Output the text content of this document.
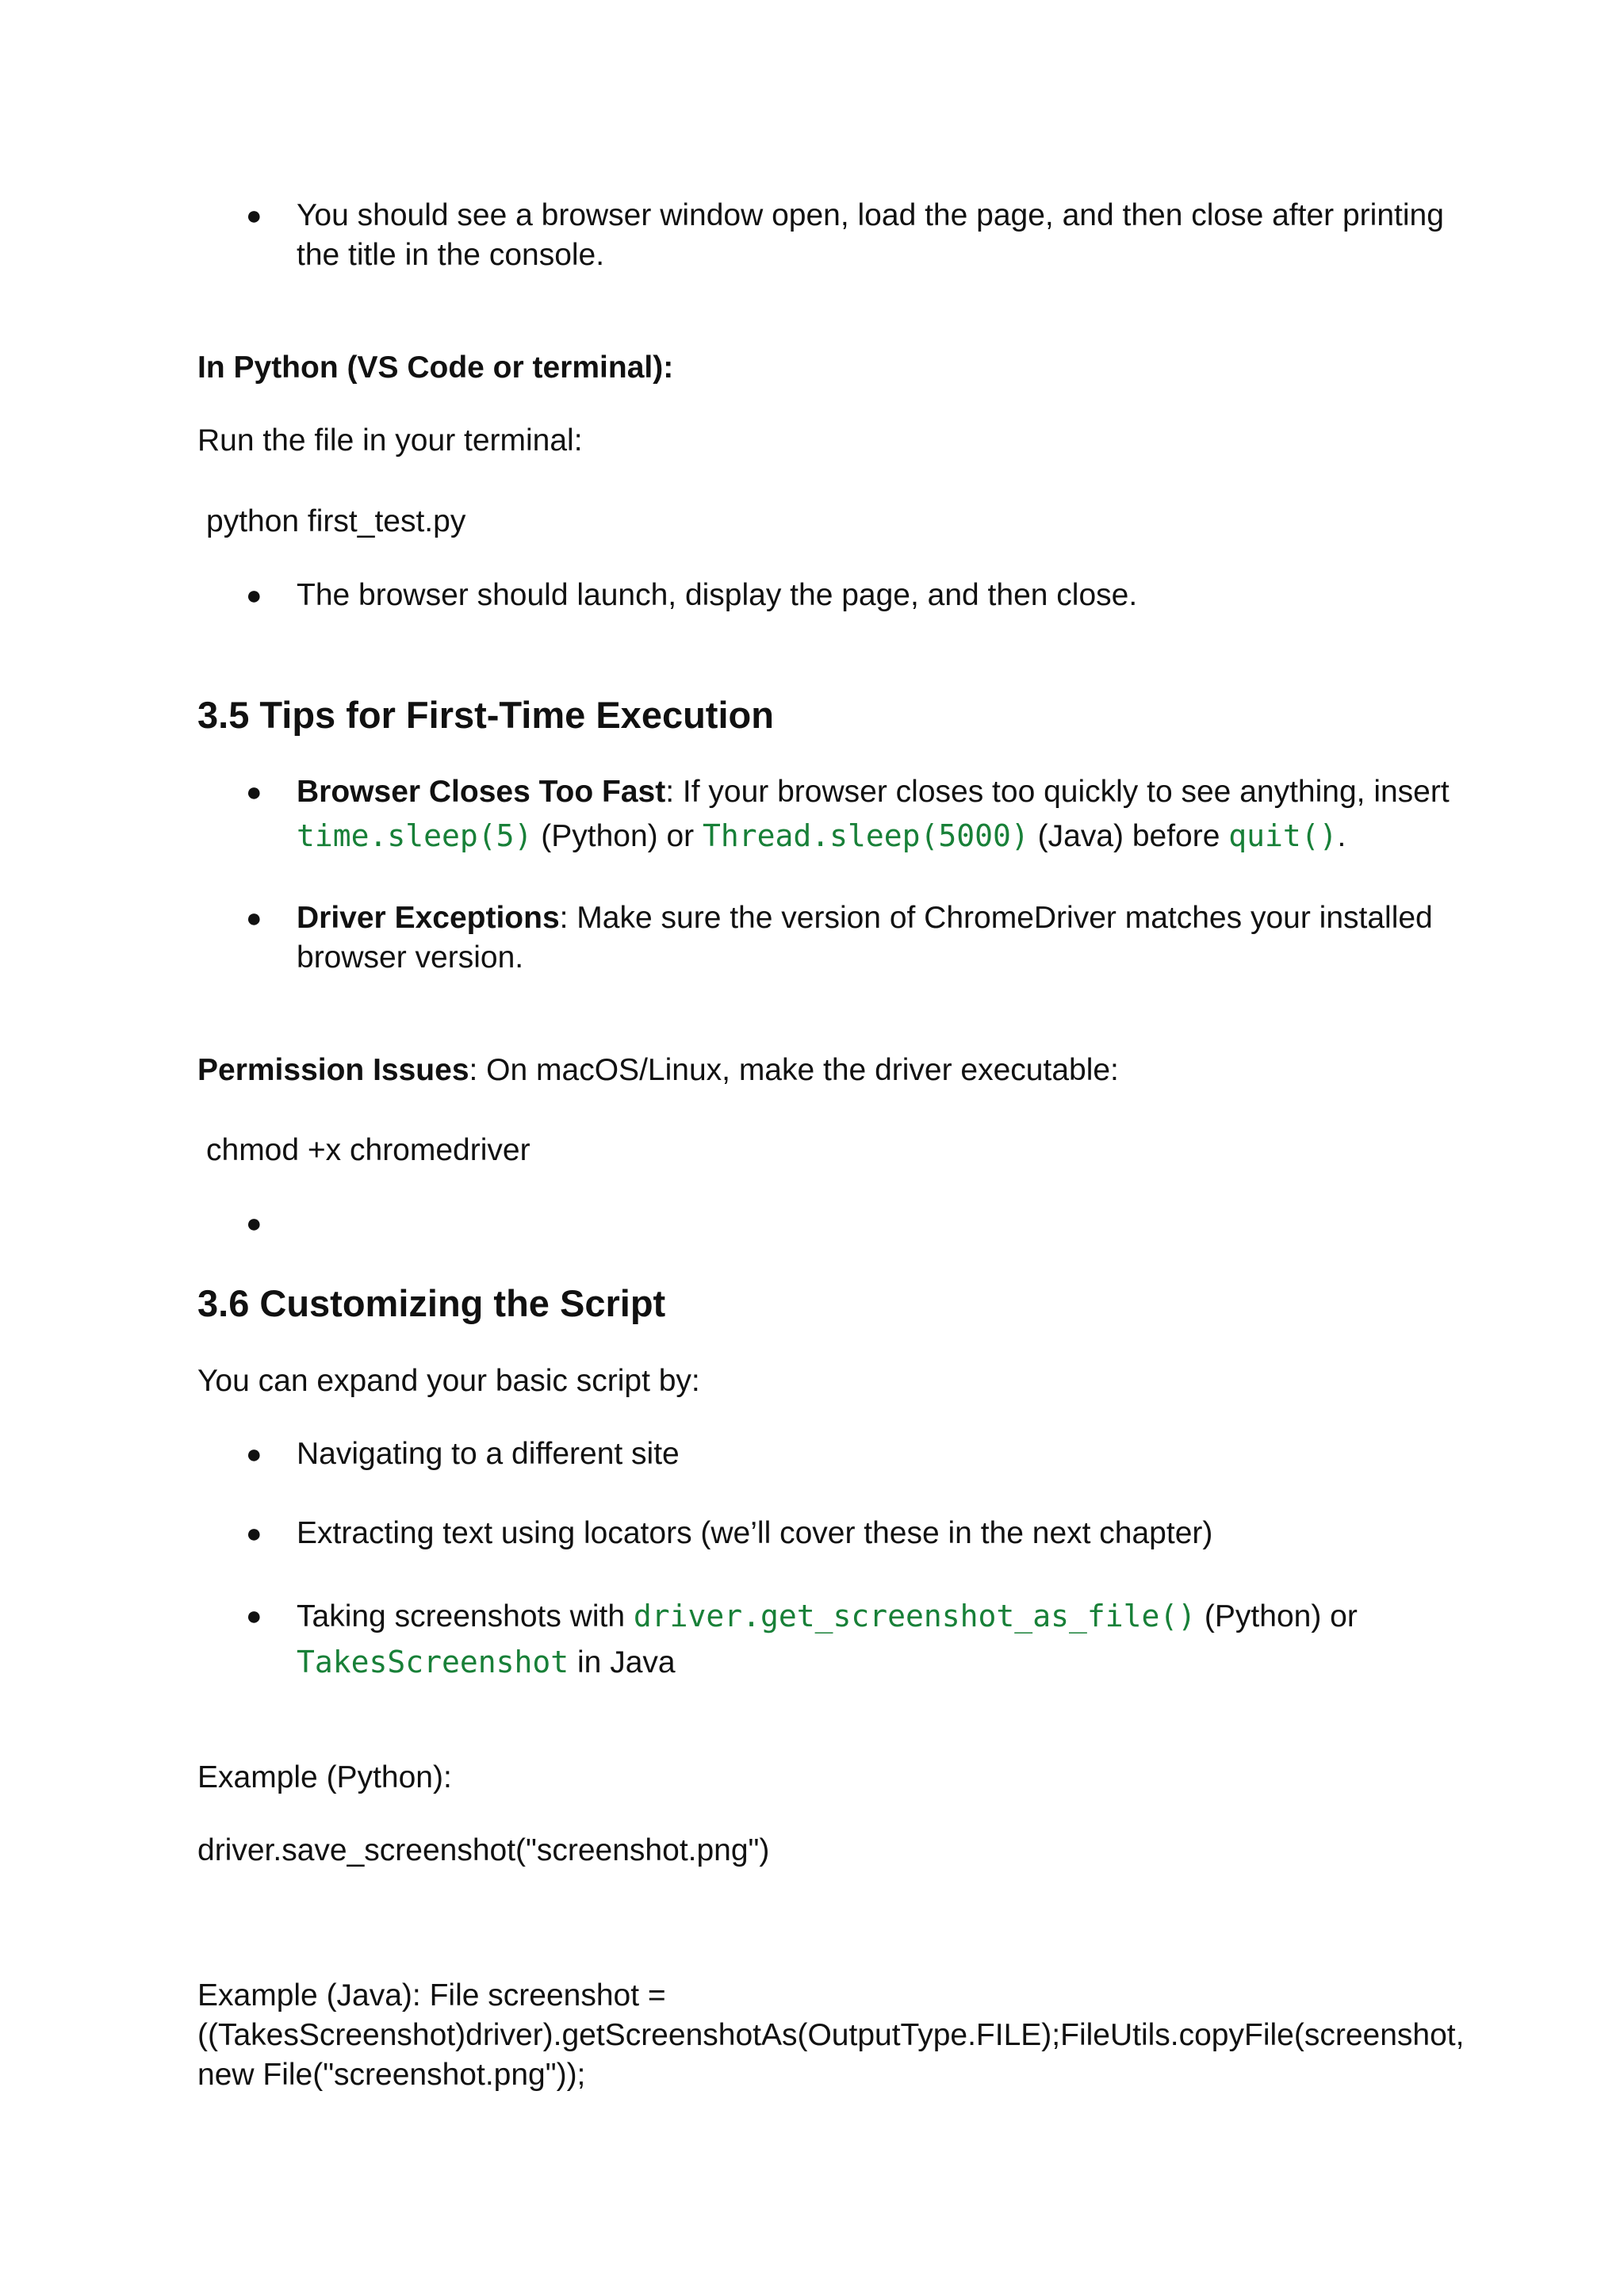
● You should see a browser window open, load the page, and then close after printing the title in the console.

In Python (VS Code or terminal):

Run the file in your terminal:

python first_test.py

● The browser should launch, display the page, and then close.

3.5 Tips for First-Time Execution
● Browser Closes Too Fast: If your browser closes too quickly to see anything, insert

time.sleep(5) (Python) or Thread.sleep(5000) (Java) before quit().

● Driver Exceptions: Make sure the version of ChromeDriver matches your installed browser version.

Permission Issues: On macOS/Linux, make the driver executable:

chmod +x chromedriver

●
3.6 Customizing the Script

You can expand your basic script by:

● Navigating to a different site

● Extracting text using locators (we’ll cover these in the next chapter)

● Taking screenshots with driver.get_screenshot_as_file() (Python) or

TakesScreenshot in Java

Example (Python):

driver.save_screenshot("screenshot.png")

Example (Java): File screenshot =

((TakesScreenshot)driver).getScreenshotAs(OutputType.FILE);FileUtils.copyFile(screenshot,

new File("screenshot.png"));
